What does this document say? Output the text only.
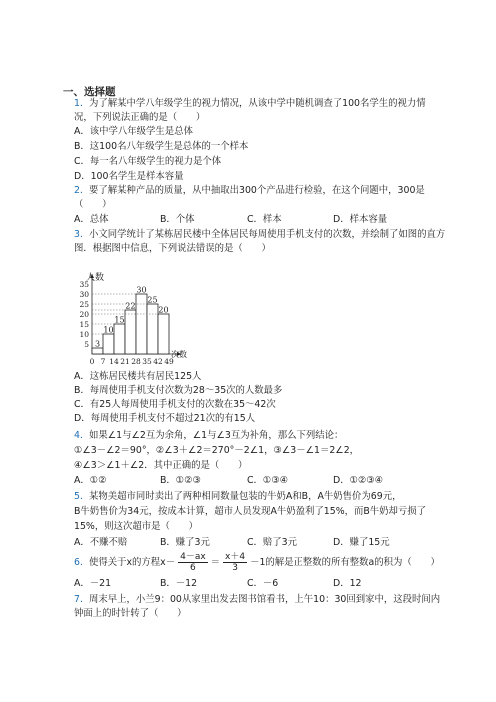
一、选择题
1． 为了解某中学八年级学生的视力情况，从该中学中随机调查了100名学生的视力情
况，下列说法正确的是（　　）
A．该中学八年级学生是总体
B．这100名八年级学生是总体的一个样本
C．每一名八年级学生的视力是个体
D．100名学生是样本容量
2． 要了解某种产品的质量，从中抽取出300个产品进行检验，在这个问题中，300是
（　　）
A．总体	B．个体	C．样本	D．样本容量
3． 小文同学统计了某栋居民楼中全体居民每周使用手机支付的次数，并绘制了如图的直方
图．根据图中信息，下列说法错误的是（　　）
人数
次数
5
10
15
20
25
30
35
3
10
15
22
30
25
20
0 7 14 21 28 35 42 49
A．这栋居民楼共有居民125人
B．每周使用手机支付次数为28～35次的人数最多
C．有25人每周使用手机支付的次数在35～42次
D．每周使用手机支付不超过21次的有15人
4． 如果∠1与∠2互为余角，∠1与∠3互为补角，那么下列结论：
①∠3－∠2＝90°，②∠3＋∠2＝270°－2∠1，③∠3－∠1＝2∠2，
④∠3＞∠1＋∠2．其中正确的是（　　）
A．①②	B．①②③	C．①③④	D．①②③④
5． 某物美超市同时卖出了两种相同数量包装的牛奶A和B，A牛奶售价为69元，
B牛奶售价为34元，按成本计算，超市人员发现A牛奶盈利了15%，而B牛奶却亏损了
15%，则这次超市是（　　）
A．不赚不赔	B．赚了3元	C．赔了3元	D．赚了15元
6． 使得关于x的方程$x- \frac{4-ax}{6} = \frac{x+4}{3} -1$的解是正整数的所有整数a的积为（　　）
A．－21	B．－12	C．－6	D．12
7． 周末早上，小兰9：00从家里出发去图书馆看书，上午10：30回到家中，这段时间内
钟面上的时针转了（　　）
